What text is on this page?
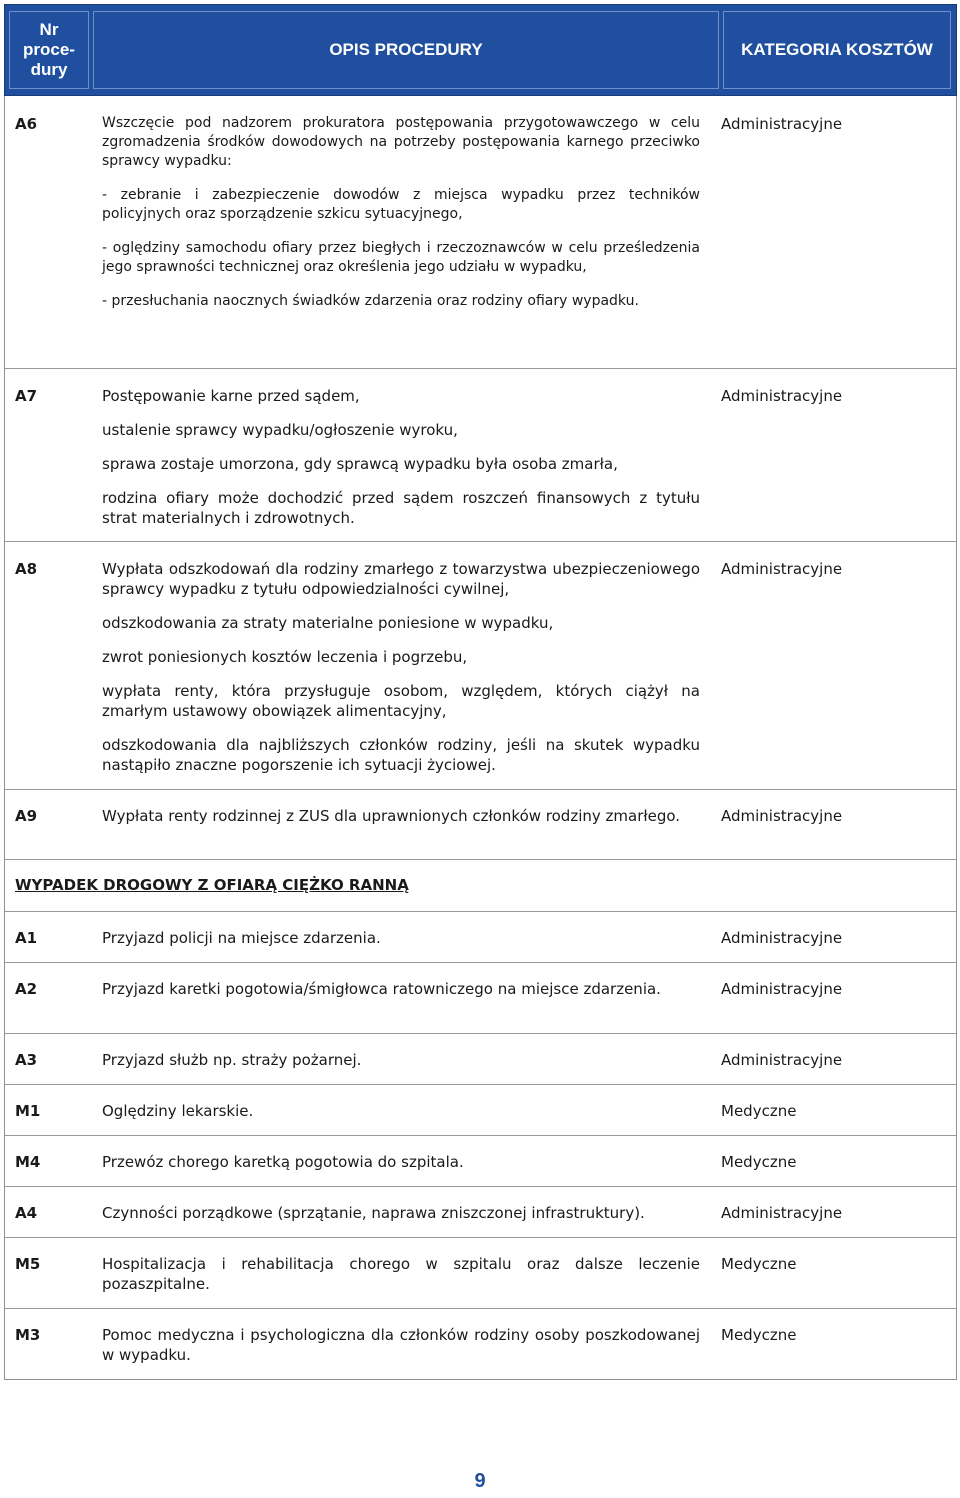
Nr
proce-
dury
OPIS PROCEDURY	KATEGORIA KOSZTÓW
A6	Wszczęcie pod nadzorem prokuratora postępowania przygotowawczego w celu zgromadzenia środków dowodowych na potrzeby postępowania karnego przeciwko sprawcy wypadku:

- zebranie i zabezpieczenie dowodów z miejsca wypadku przez techników policyjnych oraz sporządzenie szkicu sytuacyjnego,

- oględziny samochodu ofiary przez biegłych i rzeczoznawców w celu prześledzenia jego sprawności technicznej oraz określenia jego udziału w wypadku,

- przesłuchania naocznych świadków zdarzenia oraz rodziny ofiary wypadku.

Administracyjne
A7	Postępowanie karne przed sądem,

ustalenie sprawcy wypadku/ogłoszenie wyroku,

sprawa zostaje umorzona, gdy sprawcą wypadku była osoba zmarła,

rodzina ofiary może dochodzić przed sądem roszczeń finansowych z tytułu strat materialnych i zdrowotnych.

Administracyjne
A8	Wypłata odszkodowań dla rodziny zmarłego z towarzystwa ubezpieczeniowego sprawcy wypadku z tytułu odpowiedzialności cywilnej,

odszkodowania za straty materialne poniesione w wypadku,

zwrot poniesionych kosztów leczenia i pogrzebu,

wypłata renty, która przysługuje osobom, względem, których ciążył na zmarłym ustawowy obowiązek alimentacyjny,

odszkodowania dla najbliższych członków rodziny, jeśli na skutek wypadku nastąpiło znaczne pogorszenie ich sytuacji życiowej.

Administracyjne
A9	Wypłata renty rodzinnej z ZUS dla uprawnionych członków rodziny zmarłego.	Administracyjne
WYPADEK DROGOWY Z OFIARĄ CIĘŻKO RANNĄ
A1	Przyjazd policji na miejsce zdarzenia.	Administracyjne
A2	Przyjazd karetki pogotowia/śmigłowca ratowniczego na miejsce zdarzenia.	Administracyjne
A3	Przyjazd służb np. straży pożarnej.	Administracyjne
M1	Oględziny lekarskie.	Medyczne
M4	Przewóz chorego karetką pogotowia do szpitala.	Medyczne
A4	Czynności porządkowe (sprzątanie, naprawa zniszczonej infrastruktury).	Administracyjne
M5	Hospitalizacja i rehabilitacja chorego w szpitalu oraz dalsze leczenie pozaszpitalne.
Medyczne
M3	Pomoc medyczna i psychologiczna dla członków rodziny osoby poszkodowanej w wypadku.
Medyczne
9
